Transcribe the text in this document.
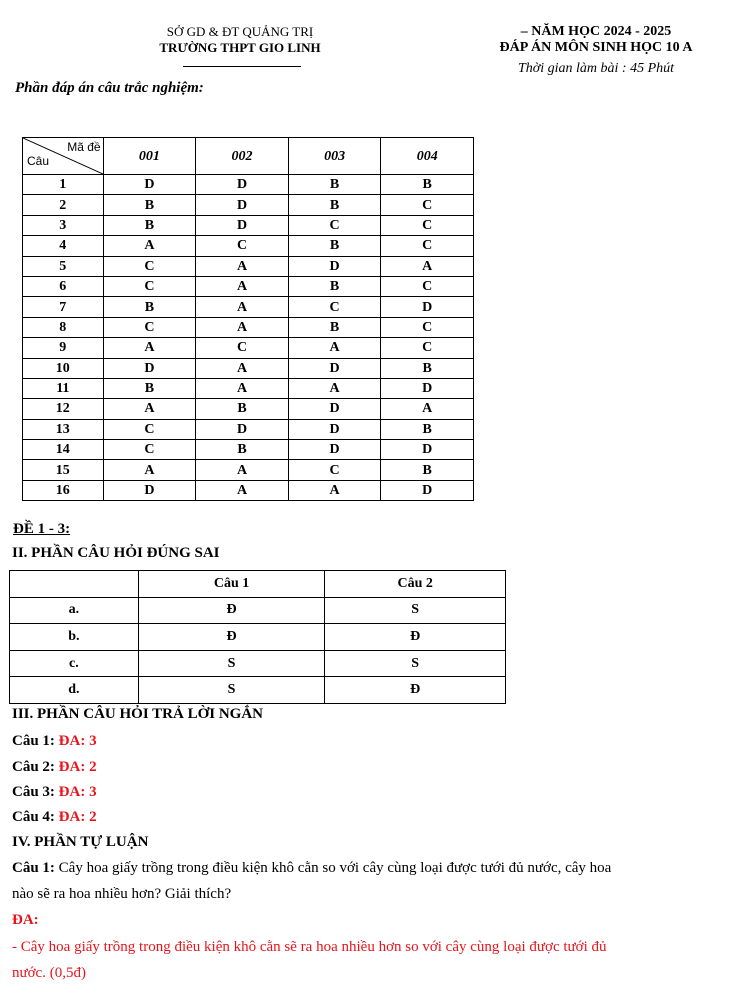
SỞ GD & ĐT QUẢNG TRỊ
TRƯỜNG THPT GIO LINH
– NĂM HỌC 2024 - 2025
ĐÁP ÁN MÔN SINH HỌC 10 A
Thời gian làm bài : 45 Phút
Phần đáp án câu trắc nghiệm:
Mã đề
Câu	001	002	003	004
1	D	D	B	B
2	B	D	B	C
3	B	D	C	C
4	A	C	B	C
5	C	A	D	A
6	C	A	B	C
7	B	A	C	D
8	C	A	B	C
9	A	C	A	C
10	D	A	D	B
11	B	A	A	D
12	A	B	D	A
13	C	D	D	B
14	C	B	D	D
15	A	A	C	B
16	D	A	A	D
ĐỀ 1 - 3:
II. PHẦN CÂU HỎI ĐÚNG SAI
	Câu 1	Câu 2
a.	Đ	S
b.	Đ	Đ
c.	S	S
d.	S	Đ
III. PHẦN CÂU HỎI TRẢ LỜI NGẮN
Câu 1: ĐA: 3
Câu 2: ĐA: 2
Câu 3: ĐA: 3
Câu 4: ĐA: 2
IV. PHẦN TỰ LUẬN
Câu 1: Cây hoa giấy trồng trong điều kiện khô cằn so với cây cùng loại được tưới đủ nước, cây hoa
nào sẽ ra hoa nhiều hơn? Giải thích?
ĐA:
- Cây hoa giấy trồng trong điều kiện khô cằn sẽ ra hoa nhiều hơn so với cây cùng loại được tưới đủ
nước. (0,5đ)
